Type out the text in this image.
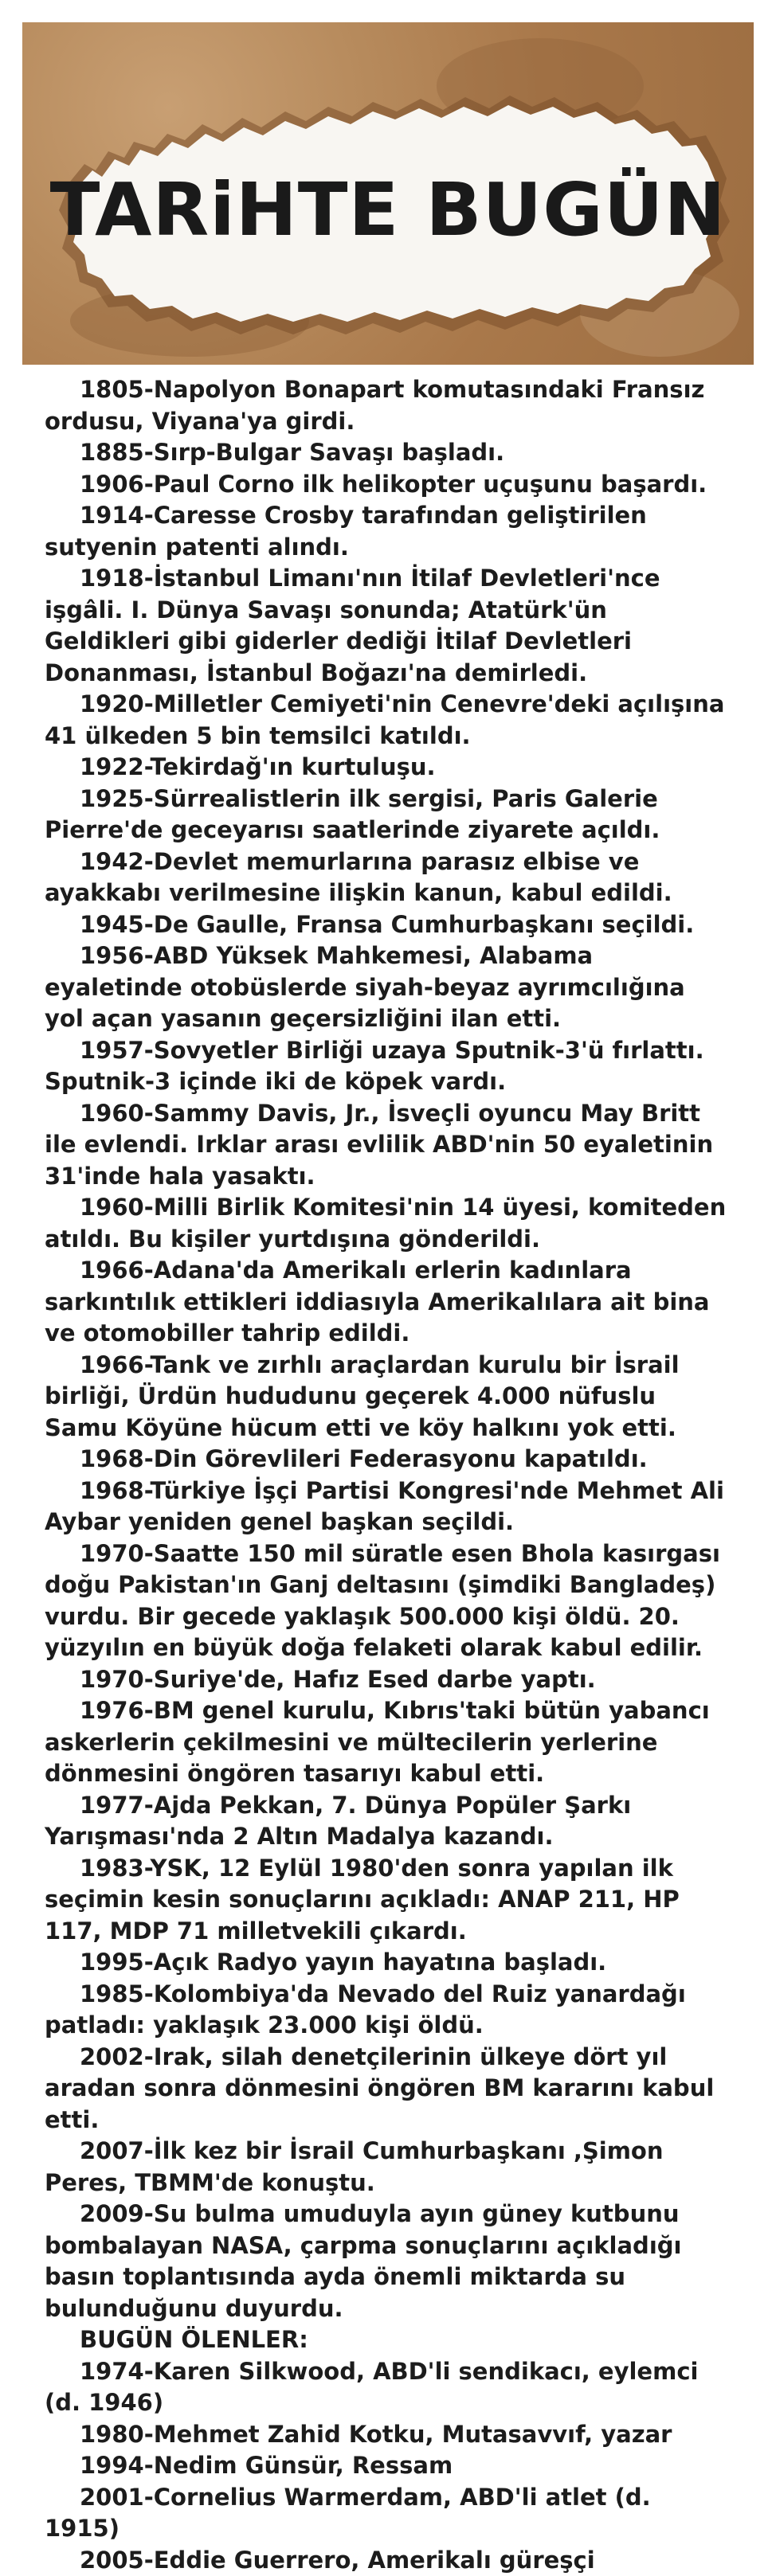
TARiHTE BUGÜN

1805-Napolyon Bonapart komutasındaki Fransız ordusu, Viyana'ya girdi.

1885-Sırp-Bulgar Savaşı başladı.

1906-Paul Corno ilk helikopter uçuşunu başardı.

1914-Caresse Crosby tarafından geliştirilen sutyenin patenti alındı.

1918-İstanbul Limanı'nın İtilaf Devletleri'nce işgâli. I. Dünya Savaşı sonunda; Atatürk'ün Geldikleri gibi giderler dediği İtilaf Devletleri Donanması, İstanbul Boğazı'na demirledi.

1920-Milletler Cemiyeti'nin Cenevre'deki açılışına 41 ülkeden 5 bin temsilci katıldı.

1922-Tekirdağ'ın kurtuluşu.

1925-Sürrealistlerin ilk sergisi, Paris Galerie Pierre'de geceyarısı saatlerinde ziyarete açıldı.

1942-Devlet memurlarına parasız elbise ve ayakkabı verilmesine ilişkin kanun, kabul edildi.

1945-De Gaulle, Fransa Cumhurbaşkanı seçildi.

1956-ABD Yüksek Mahkemesi, Alabama eyaletinde otobüslerde siyah-beyaz ayrımcılığına yol açan yasanın geçersizliğini ilan etti.

1957-Sovyetler Birliği uzaya Sputnik-3'ü fırlattı. Sputnik-3 içinde iki de köpek vardı.

1960-Sammy Davis, Jr., İsveçli oyuncu May Britt ile evlendi. Irklar arası evlilik ABD'nin 50 eyaletinin 31'inde hala yasaktı.

1960-Milli Birlik Komitesi'nin 14 üyesi, komiteden atıldı. Bu kişiler yurtdışına gönderildi.

1966-Adana'da Amerikalı erlerin kadınlara sarkıntılık ettikleri iddiasıyla Amerikalılara ait bina ve otomobiller tahrip edildi.

1966-Tank ve zırhlı araçlardan kurulu bir İsrail birliği, Ürdün hududunu geçerek 4.000 nüfuslu Samu Köyüne hücum etti ve köy halkını yok etti.

1968-Din Görevlileri Federasyonu kapatıldı.

1968-Türkiye İşçi Partisi Kongresi'nde Mehmet Ali Aybar yeniden genel başkan seçildi.

1970-Saatte 150 mil süratle esen Bhola kasırgası doğu Pakistan'ın Ganj deltasını (şimdiki Bangladeş) vurdu. Bir gecede yaklaşık 500.000 kişi öldü. 20. yüzyılın en büyük doğa felaketi olarak kabul edilir.

1970-Suriye'de, Hafız Esed darbe yaptı.

1976-BM genel kurulu, Kıbrıs'taki bütün yabancı askerlerin çekilmesini ve mültecilerin yerlerine dönmesini öngören tasarıyı kabul etti.

1977-Ajda Pekkan, 7. Dünya Popüler Şarkı Yarışması'nda 2 Altın Madalya kazandı.

1983-YSK, 12 Eylül 1980'den sonra yapılan ilk seçimin kesin sonuçlarını açıkladı: ANAP 211, HP 117, MDP 71 milletvekili çıkardı.

1995-Açık Radyo yayın hayatına başladı.

1985-Kolombiya'da Nevado del Ruiz yanardağı patladı: yaklaşık 23.000 kişi öldü.

2002-Irak, silah denetçilerinin ülkeye dört yıl aradan sonra dönmesini öngören BM kararını kabul etti.

2007-İlk kez bir İsrail Cumhurbaşkanı ,Şimon Peres, TBMM'de konuştu.

2009-Su bulma umuduyla ayın güney kutbunu bombalayan NASA, çarpma sonuçlarını açıkladığı basın toplantısında ayda önemli miktarda su bulunduğunu duyurdu.

BUGÜN ÖLENLER:

1974-Karen Silkwood, ABD'li sendikacı, eylemci (d. 1946)

1980-Mehmet Zahid Kotku, Mutasavvıf, yazar

1994-Nedim Günsür, Ressam

2001-Cornelius Warmerdam, ABD'li atlet (d. 1915)

2005-Eddie Guerrero, Amerikalı güreşçi
